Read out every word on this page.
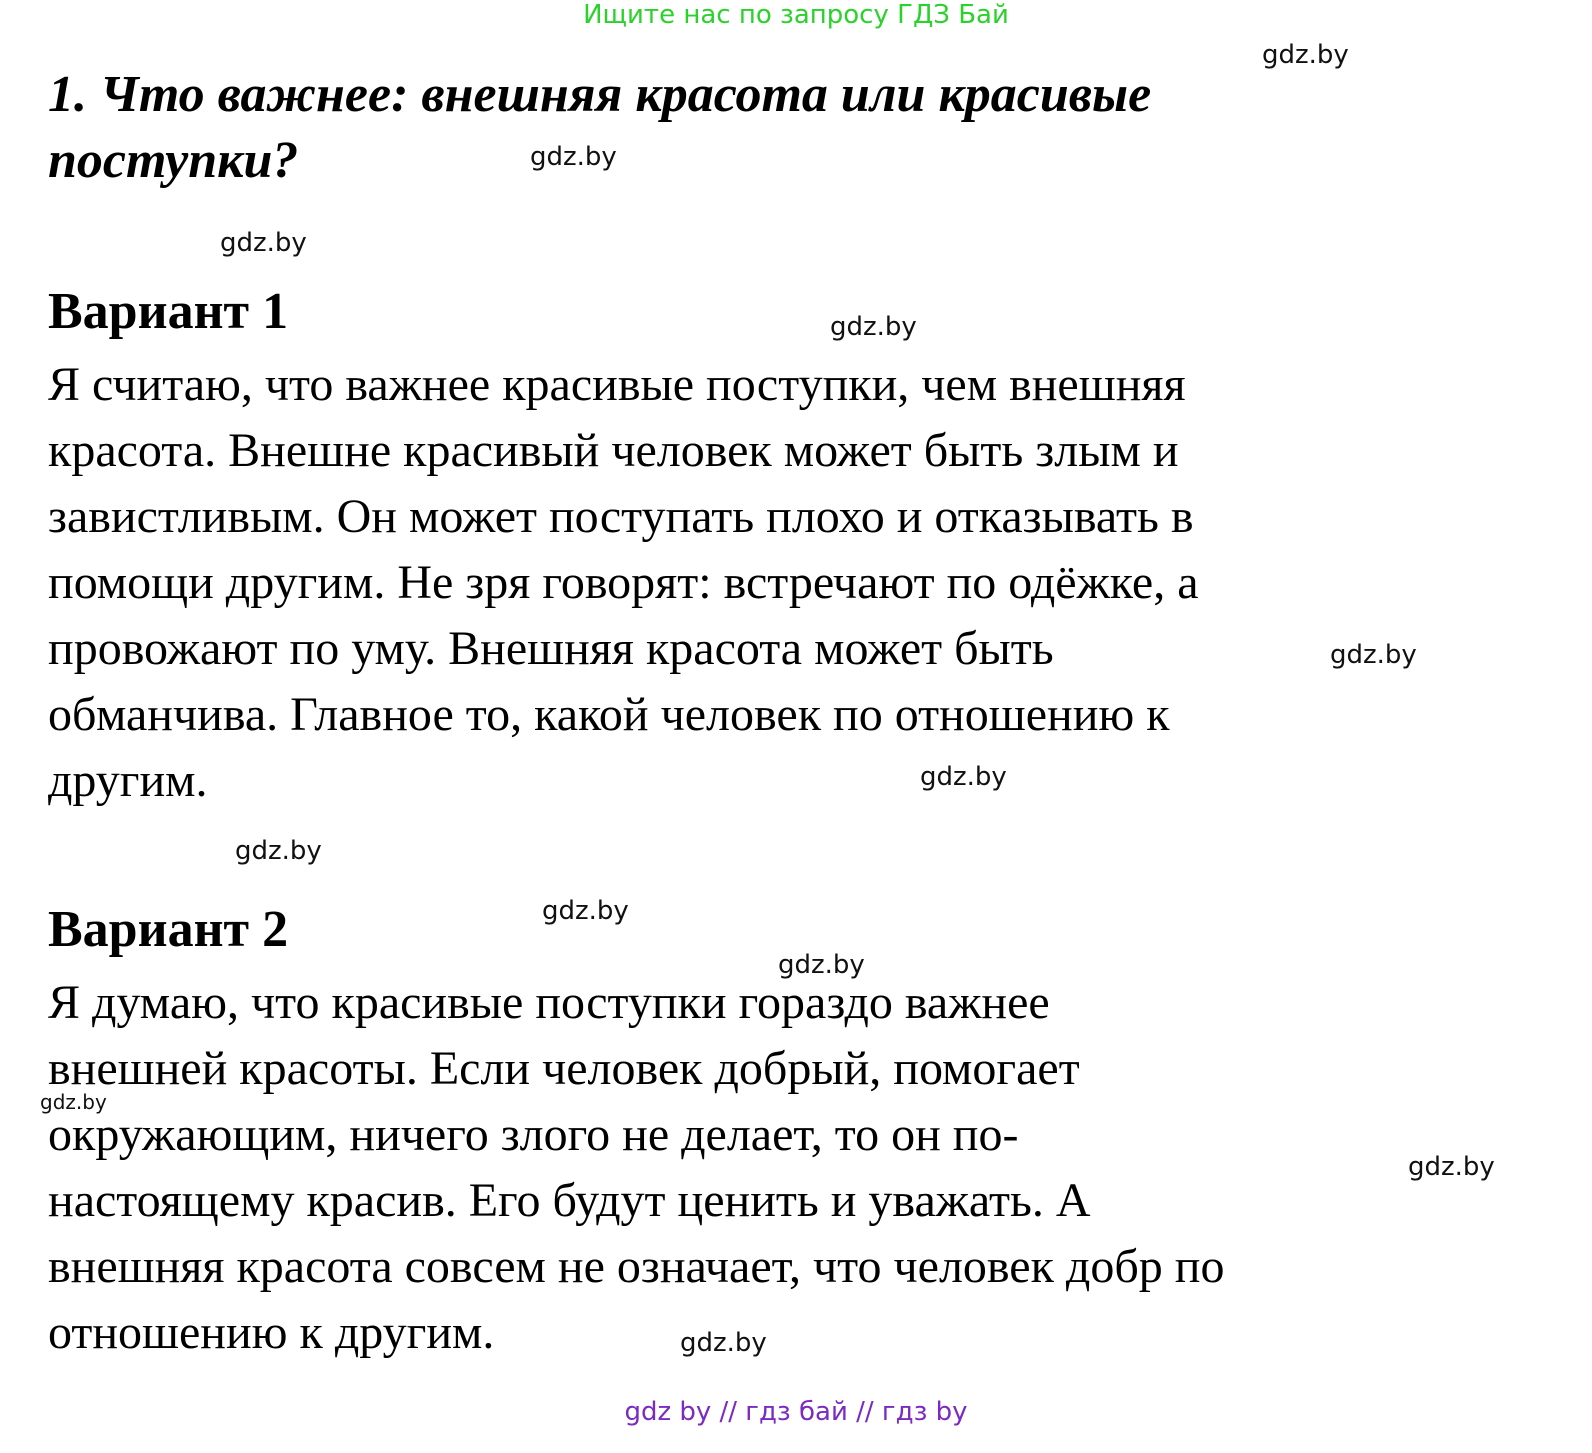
Ищите нас по запросу ГДЗ Бай
gdz.by
1. Что важнее: внешняя красота или красивые поступки?	gdz.by
gdz.by
Вариант 1	gdz.by
Я считаю, что важнее красивые поступки, чем внешняя
красота. Внешне красивый человек может быть злым и
завистливым. Он может поступать плохо и отказывать в
помощи другим. Не зря говорят: встречают по одёжке, а
провожают по уму. Внешняя красота может быть
обманчива. Главное то, какой человек по отношению к
другим.
gdz.by
gdz.by
gdz.by
Вариант 2	gdz.by
gdz.by
Я думаю, что красивые поступки гораздо важнее
внешней красоты. Если человек добрый, помогает
окружающим, ничего злого не делает, то он по-
настоящему красив. Его будут ценить и уважать. А
внешняя красота совсем не означает, что человек добр по
отношению к другим.
gdz.by
gdz.by
gdz.by
gdz by // гдз бай // гдз by
